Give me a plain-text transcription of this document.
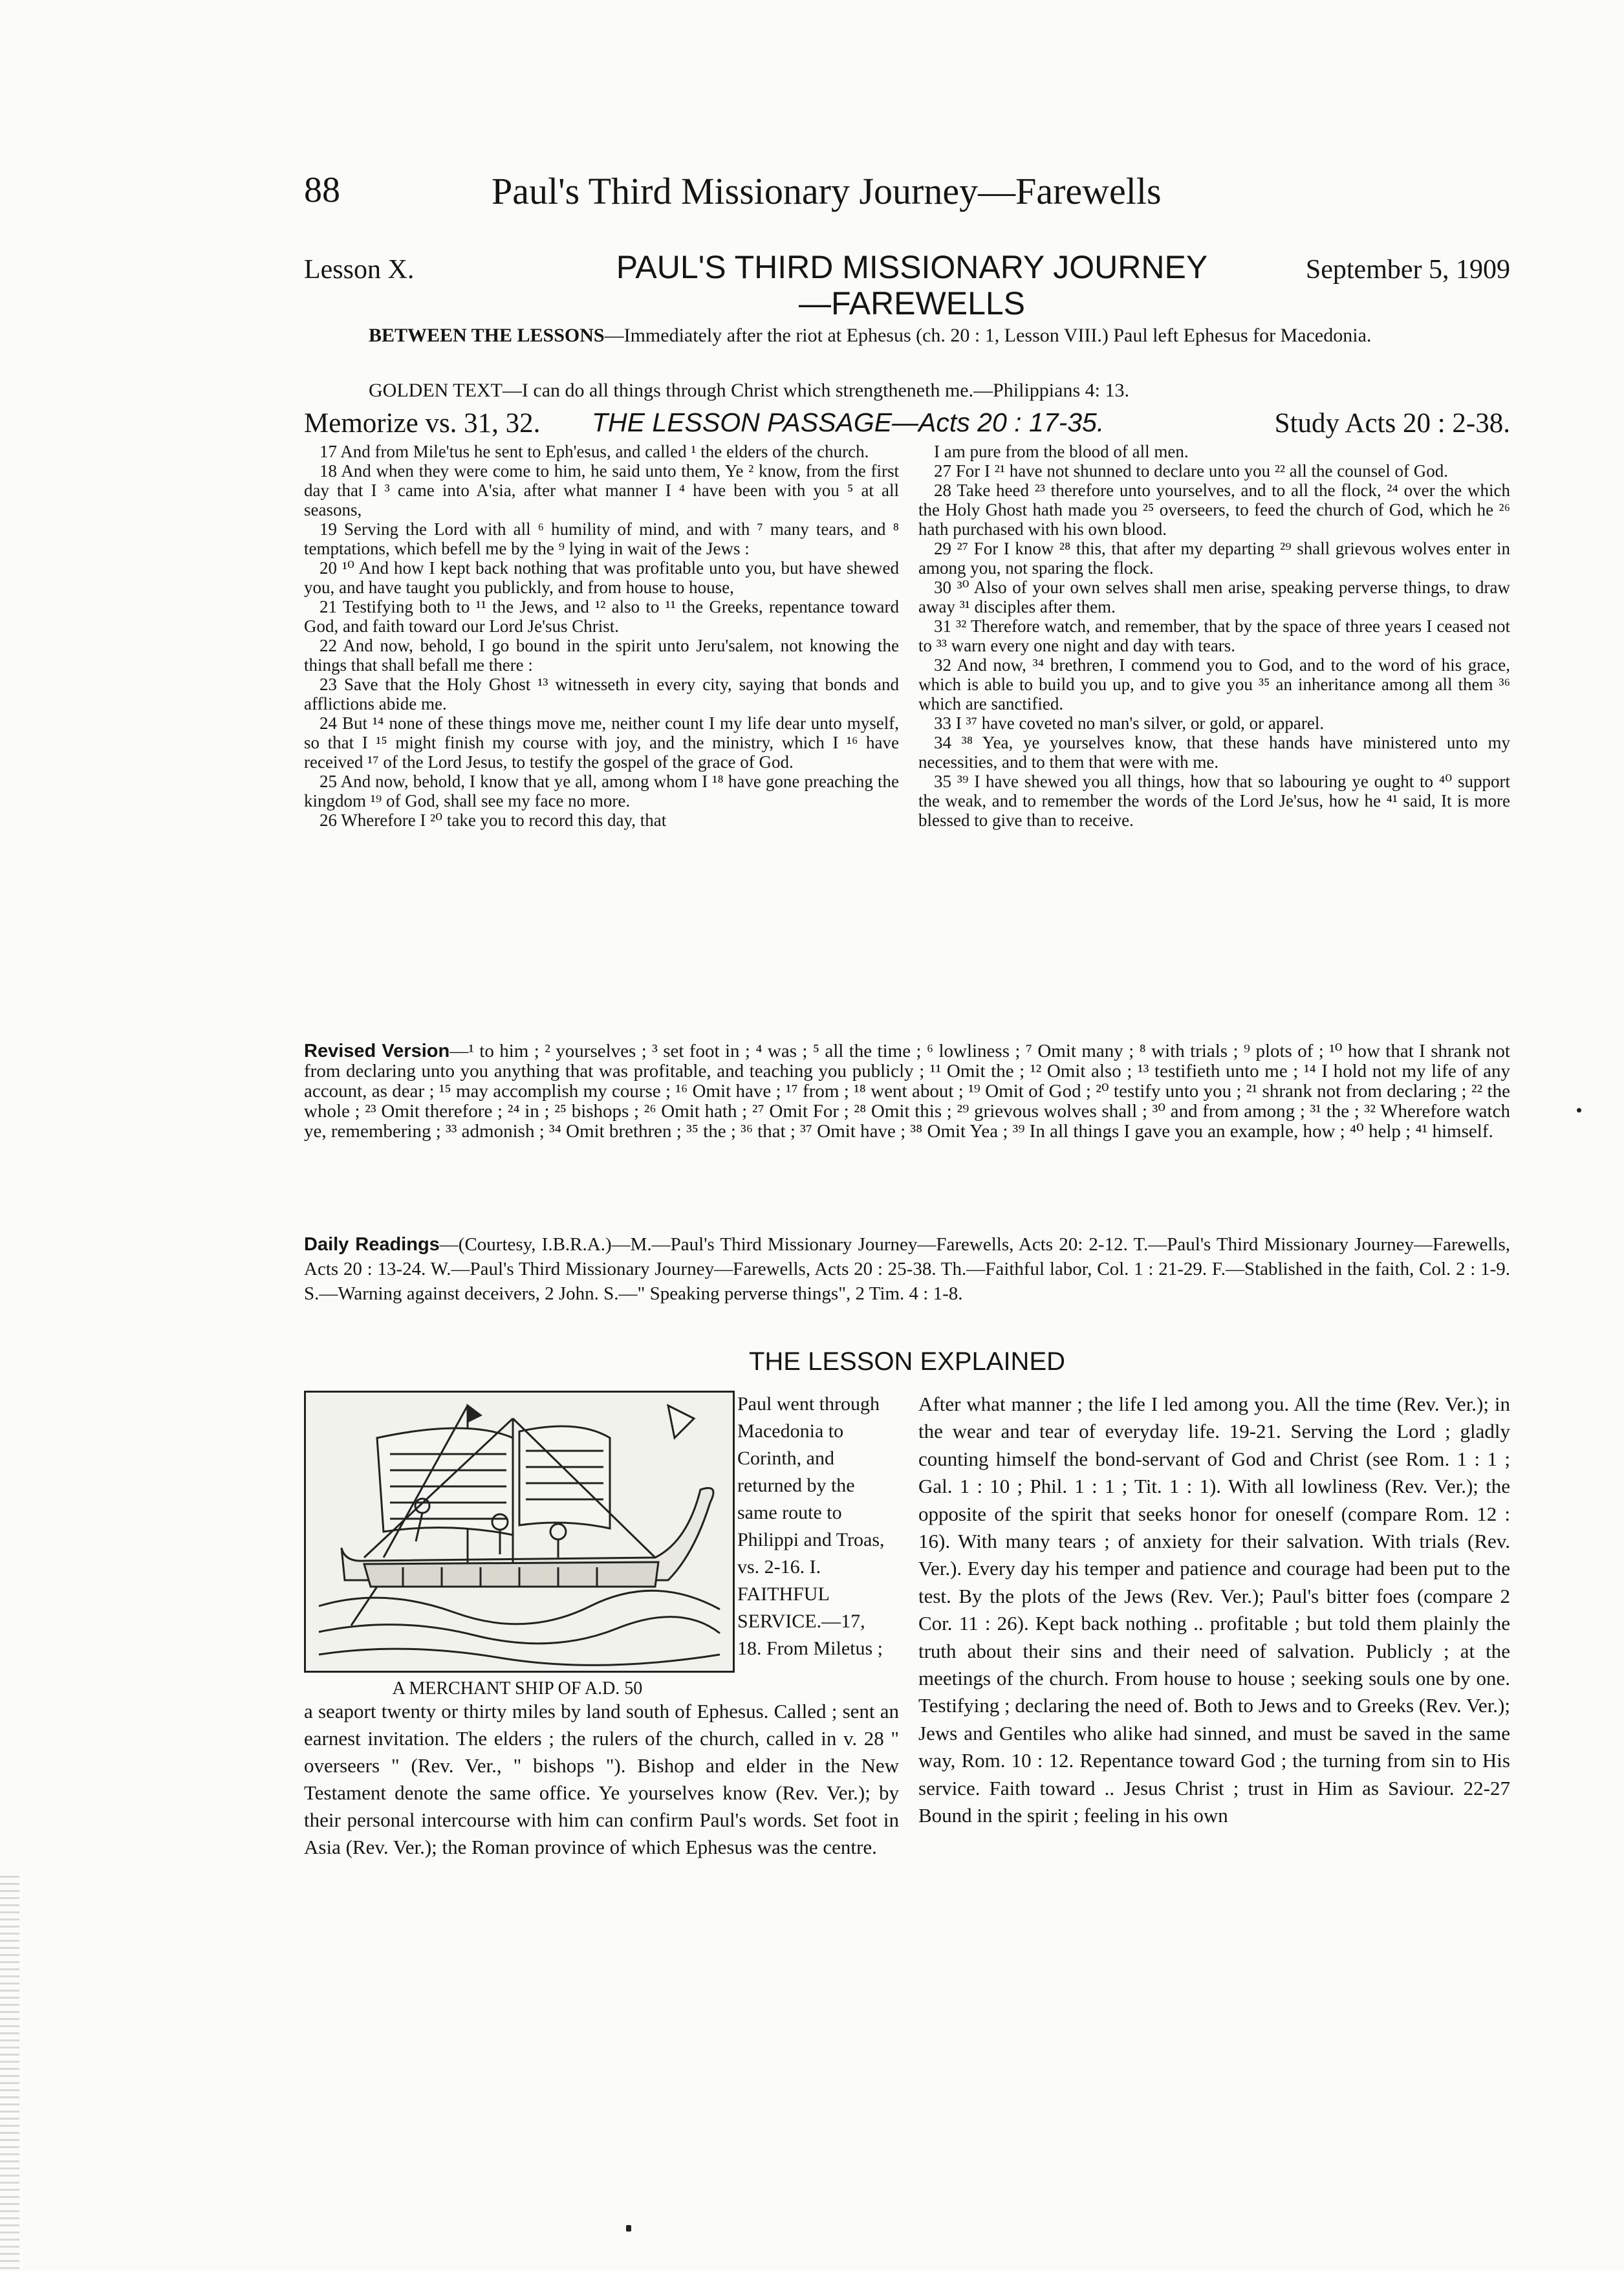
88	Paul's Third Missionary Journey—Farewells
Lesson X.	PAUL'S THIRD MISSIONARY JOURNEY
—FAREWELLS
September 5, 1909
BETWEEN THE LESSONS—Immediately after the riot at Ephesus (ch. 20 : 1, Lesson VIII.) Paul left Ephesus for Macedonia.
GOLDEN TEXT—I can do all things through Christ which strengtheneth me.—Philippians 4: 13.
Memorize vs. 31, 32. THE LESSON PASSAGE—Acts 20 : 17-35.	Study Acts 20 : 2-38.

17 And from Mile'tus he sent to Eph'esus, and called ¹ the elders of the church.

18 And when they were come to him, he said unto them, Ye ² know, from the first day that I ³ came into A'sia, after what manner I ⁴ have been with you ⁵ at all seasons,

19 Serving the Lord with all ⁶ humility of mind, and with ⁷ many tears, and ⁸ temptations, which befell me by the ⁹ lying in wait of the Jews :

20 ¹⁰ And how I kept back nothing that was profitable unto you, but have shewed you, and have taught you publickly, and from house to house,

21 Testifying both to ¹¹ the Jews, and ¹² also to ¹¹ the Greeks, repentance toward God, and faith toward our Lord Je'sus Christ.

22 And now, behold, I go bound in the spirit unto Jeru'salem, not knowing the things that shall befall me there :

23 Save that the Holy Ghost ¹³ witnesseth in every city, saying that bonds and afflictions abide me.

24 But ¹⁴ none of these things move me, neither count I my life dear unto myself, so that I ¹⁵ might finish my course with joy, and the ministry, which I ¹⁶ have received ¹⁷ of the Lord Jesus, to testify the gospel of the grace of God.

25 And now, behold, I know that ye all, among whom I ¹⁸ have gone preaching the kingdom ¹⁹ of God, shall see my face no more.

26 Wherefore I ²⁰ take you to record this day, that

I am pure from the blood of all men.

27 For I ²¹ have not shunned to declare unto you ²² all the counsel of God.

28 Take heed ²³ therefore unto yourselves, and to all the flock, ²⁴ over the which the Holy Ghost hath made you ²⁵ overseers, to feed the church of God, which he ²⁶ hath purchased with his own blood.

29 ²⁷ For I know ²⁸ this, that after my departing ²⁹ shall grievous wolves enter in among you, not sparing the flock.

30 ³⁰ Also of your own selves shall men arise, speaking perverse things, to draw away ³¹ disciples after them.

31 ³² Therefore watch, and remember, that by the space of three years I ceased not to ³³ warn every one night and day with tears.

32 And now, ³⁴ brethren, I commend you to God, and to the word of his grace, which is able to build you up, and to give you ³⁵ an inheritance among all them ³⁶ which are sanctified.

33 I ³⁷ have coveted no man's silver, or gold, or apparel.

34 ³⁸ Yea, ye yourselves know, that these hands have ministered unto my necessities, and to them that were with me.

35 ³⁹ I have shewed you all things, how that so labouring ye ought to ⁴⁰ support the weak, and to remember the words of the Lord Je'sus, how he ⁴¹ said, It is more blessed to give than to receive.

Revised Version—¹ to him ; ² yourselves ; ³ set foot in ; ⁴ was ; ⁵ all the time ; ⁶ lowliness ; ⁷ Omit many ; ⁸ with trials ; ⁹ plots of ; ¹⁰ how that I shrank not from declaring unto you anything that was profitable, and teaching you publicly ; ¹¹ Omit the ; ¹² Omit also ; ¹³ testifieth unto me ; ¹⁴ I hold not my life of any account, as dear ; ¹⁵ may accomplish my course ; ¹⁶ Omit have ; ¹⁷ from ; ¹⁸ went about ; ¹⁹ Omit of God ; ²⁰ testify unto you ; ²¹ shrank not from declaring ; ²² the whole ; ²³ Omit therefore ; ²⁴ in ; ²⁵ bishops ; ²⁶ Omit hath ; ²⁷ Omit For ; ²⁸ Omit this ; ²⁹ grievous wolves shall ; ³⁰ and from among ; ³¹ the ; ³² Wherefore watch ye, remembering ; ³³ admonish ; ³⁴ Omit brethren ; ³⁵ the ; ³⁶ that ; ³⁷ Omit have ; ³⁸ Omit Yea ; ³⁹ In all things I gave you an example, how ; ⁴⁰ help ; ⁴¹ himself.
Daily Readings—(Courtesy, I.B.R.A.)—M.—Paul's Third Missionary Journey—Farewells, Acts 20: 2-12. T.—Paul's Third Missionary Journey—Farewells, Acts 20 : 13-24. W.—Paul's Third Missionary Journey—Farewells, Acts 20 : 25-38. Th.—Faithful labor, Col. 1 : 21-29. F.—Stablished in the faith, Col. 2 : 1-9. S.—Warning against deceivers, 2 John. S.—" Speaking perverse things", 2 Tim. 4 : 1-8.
THE LESSON EXPLAINED
A MERCHANT SHIP OF A.D. 50
Paul went through Macedonia to Corinth, and returned by the same route to Philippi and Troas, vs. 2-16. I. FAITHFUL SERVICE.—17, 18. From Miletus ;
a seaport twenty or thirty miles by land south of Ephesus. Called ; sent an earnest invitation. The elders ; the rulers of the church, called in v. 28 " overseers " (Rev. Ver., " bishops "). Bishop and elder in the New Testament denote the same office. Ye yourselves know (Rev. Ver.); by their personal intercourse with him can confirm Paul's words. Set foot in Asia (Rev. Ver.); the Roman province of which Ephesus was the centre.
After what manner ; the life I led among you. All the time (Rev. Ver.); in the wear and tear of everyday life. 19-21. Serving the Lord ; gladly counting himself the bond-servant of God and Christ (see Rom. 1 : 1 ; Gal. 1 : 10 ; Phil. 1 : 1 ; Tit. 1 : 1). With all lowliness (Rev. Ver.); the opposite of the spirit that seeks honor for oneself (compare Rom. 12 : 16). With many tears ; of anxiety for their salvation. With trials (Rev. Ver.). Every day his temper and patience and courage had been put to the test. By the plots of the Jews (Rev. Ver.); Paul's bitter foes (compare 2 Cor. 11 : 26). Kept back nothing .. profitable ; but told them plainly the truth about their sins and their need of salvation. Publicly ; at the meetings of the church. From house to house ; seeking souls one by one. Testifying ; declaring the need of. Both to Jews and to Greeks (Rev. Ver.); Jews and Gentiles who alike had sinned, and must be saved in the same way, Rom. 10 : 12. Repentance toward God ; the turning from sin to His service. Faith toward .. Jesus Christ ; trust in Him as Saviour. 22-27 Bound in the spirit ; feeling in his own
